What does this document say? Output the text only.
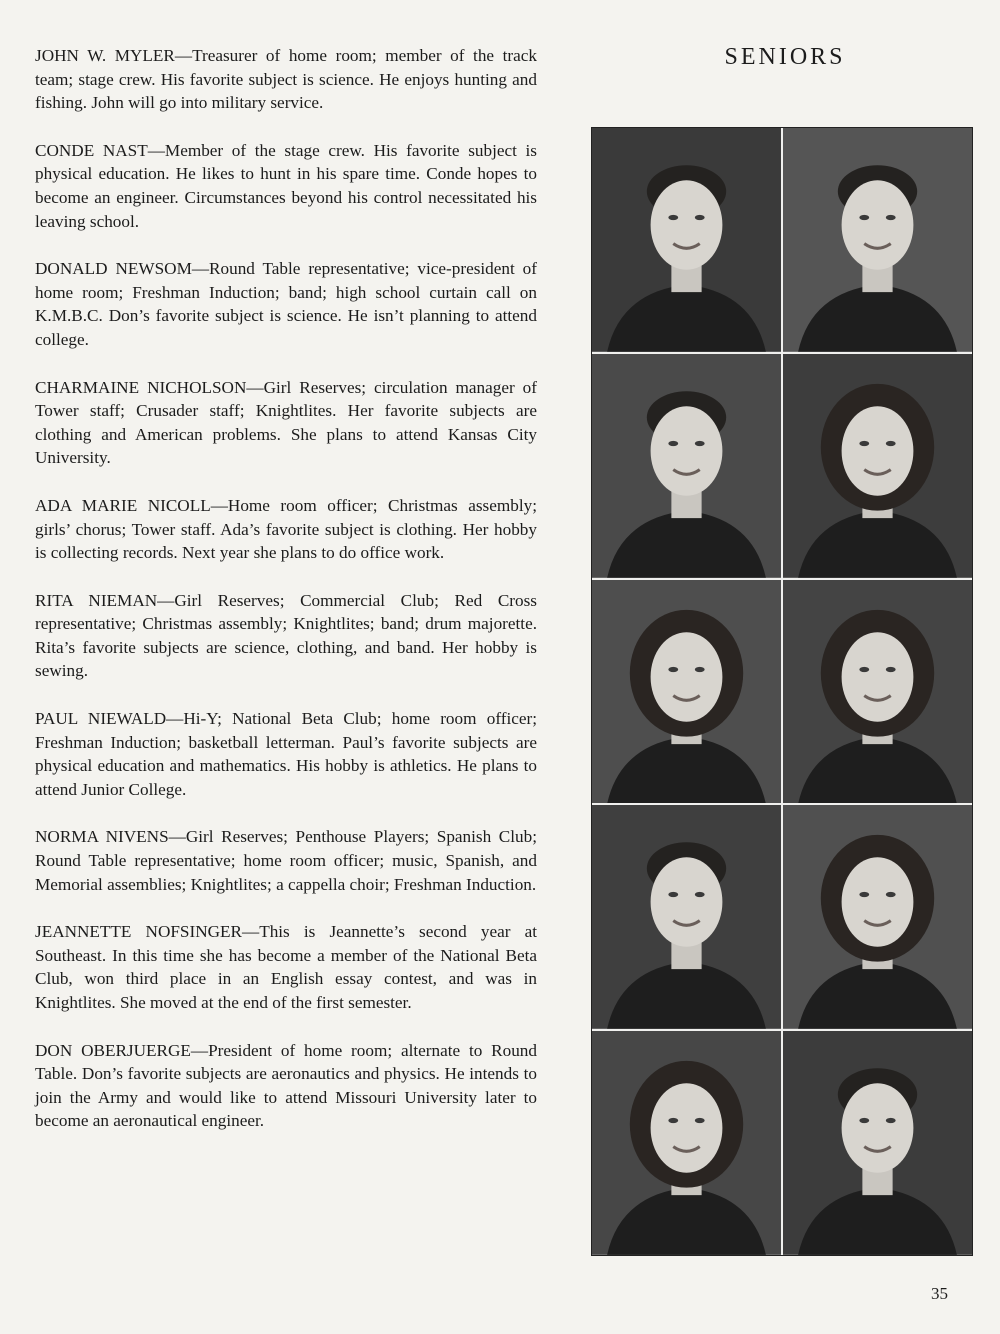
JOHN W. MYLER—Treasurer of home room; member of the track team; stage crew. His favorite subject is science. He enjoys hunting and fishing. John will go into military service.

CONDE NAST—Member of the stage crew. His favorite subject is physical education. He likes to hunt in his spare time. Conde hopes to become an engineer. Circumstances beyond his control necessitated his leaving school.

DONALD NEWSOM—Round Table representative; vice-president of home room; Freshman Induction; band; high school curtain call on K.M.B.C. Don’s favorite subject is science. He isn’t planning to attend college.

CHARMAINE NICHOLSON—Girl Reserves; circulation manager of Tower staff; Crusader staff; Knightlites. Her favorite subjects are clothing and American problems. She plans to attend Kansas City University.

ADA MARIE NICOLL—Home room officer; Christmas assembly; girls’ chorus; Tower staff. Ada’s favorite subject is clothing. Her hobby is collecting records. Next year she plans to do office work.

RITA NIEMAN—Girl Reserves; Commercial Club; Red Cross representative; Christmas assembly; Knightlites; band; drum majorette. Rita’s favorite subjects are science, clothing, and band. Her hobby is sewing.

PAUL NIEWALD—Hi-Y; National Beta Club; home room officer; Freshman Induction; basketball letterman. Paul’s favorite subjects are physical education and mathematics. His hobby is athletics. He plans to attend Junior College.

NORMA NIVENS—Girl Reserves; Penthouse Players; Spanish Club; Round Table representative; home room officer; music, Spanish, and Memorial assemblies; Knightlites; a cappella choir; Freshman Induction.

JEANNETTE NOFSINGER—This is Jeannette’s second year at Southeast. In this time she has become a member of the National Beta Club, won third place in an English essay contest, and was in Knightlites. She moved at the end of the first semester.

DON OBERJUERGE—President of home room; alternate to Round Table. Don’s favorite subjects are aeronautics and physics. He intends to join the Army and would like to attend Missouri University later to become an aeronautical engineer.

SENIORS
35
